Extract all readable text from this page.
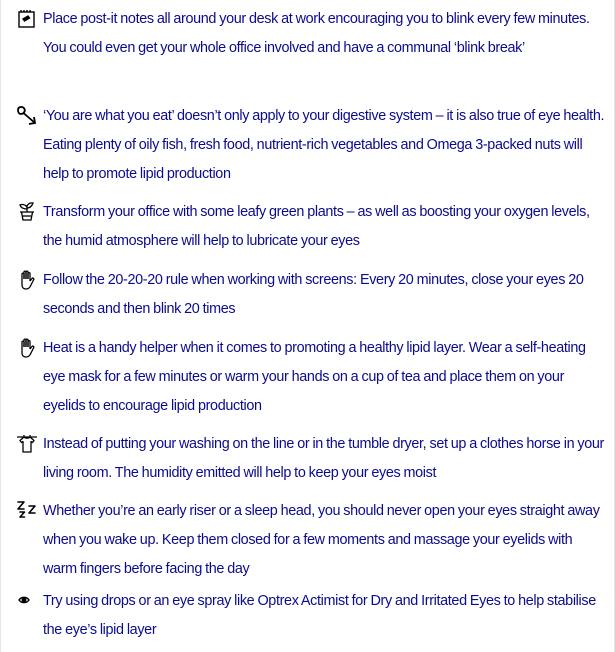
Place post-it notes all around your desk at work encouraging you to blink every few minutes. You could even get your whole office involved and have a communal ‘blink break’

‘You are what you eat’ doesn’t only apply to your digestive system – it is also true of eye health. Eating plenty of oily fish, fresh food, nutrient-rich vegetables and Omega 3-packed nuts will help to promote lipid production

Transform your office with some leafy green plants – as well as boosting your oxygen levels, the humid atmosphere will help to lubricate your eyes

Follow the 20-20-20 rule when working with screens: Every 20 minutes, close your eyes 20 seconds and then blink 20 times

Heat is a handy helper when it comes to promoting a healthy lipid layer. Wear a self-heating eye mask for a few minutes or warm your hands on a cup of tea and place them on your eyelids to encourage lipid production

Instead of putting your washing on the line or in the tumble dryer, set up a clothes horse in your living room. The humidity emitted will help to keep your eyes moist

Whether you’re an early riser or a sleep head, you should never open your eyes straight away when you wake up. Keep them closed for a few moments and massage your eyelids with warm fingers before facing the day

Try using drops or an eye spray like Optrex Actimist for Dry and Irritated Eyes to help stabilise the eye’s lipid layer
